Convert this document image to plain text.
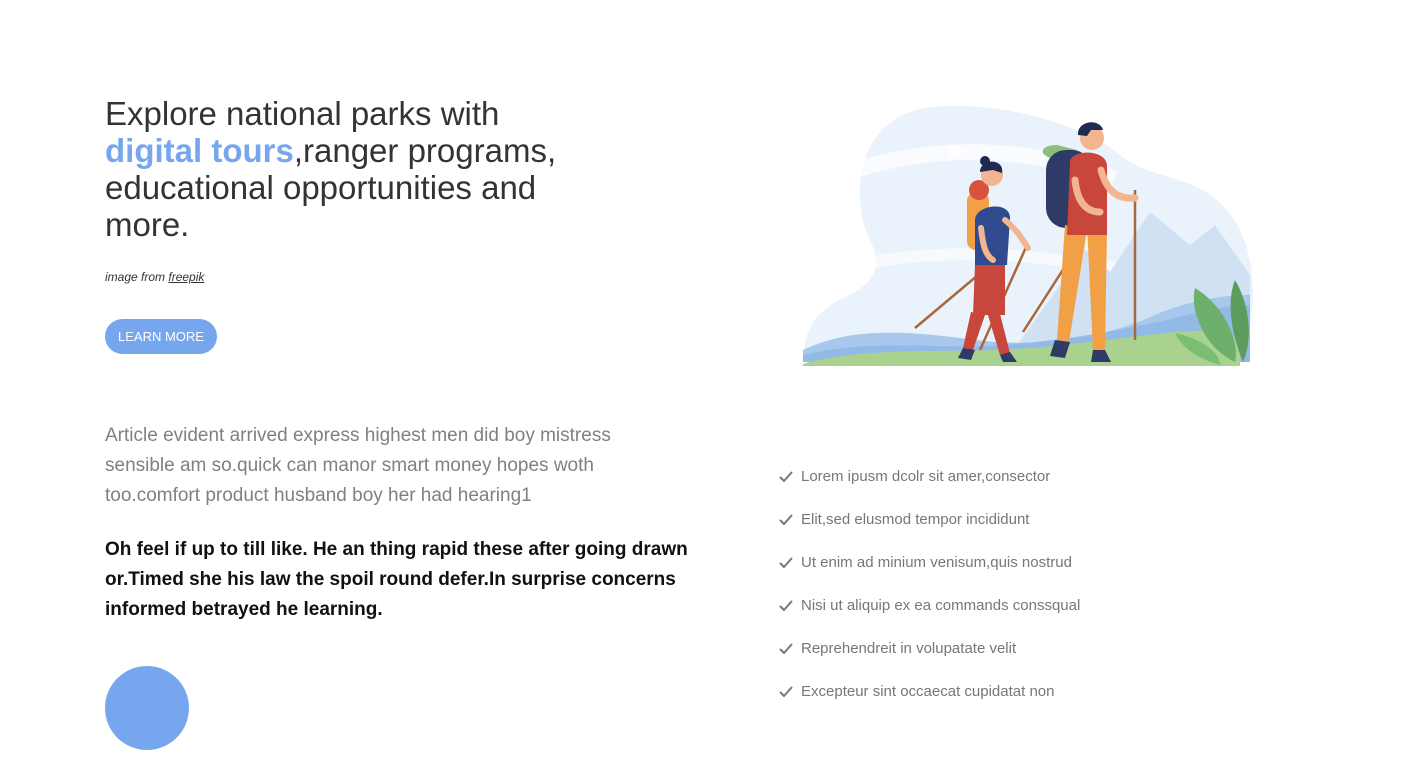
Explore national parks with digital tours,ranger programs, educational opportunities and more.

image from freepik

LEARN MORE

Article evident arrived express highest men did boy mistress sensible am so.quick can manor smart money hopes woth too.comfort product husband boy her had hearing1

Oh feel if up to till like. He an thing rapid these after going drawn or.Timed she his law the spoil round defer.In surprise concerns informed betrayed he learning.

Lorem ipusm dcolr sit amer,consector
Elit,sed elusmod tempor incididunt
Ut enim ad minium venisum,quis nostrud
Nisi ut aliquip ex ea commands conssqual
Reprehendreit in volupatate velit
Excepteur sint occaecat cupidatat non
